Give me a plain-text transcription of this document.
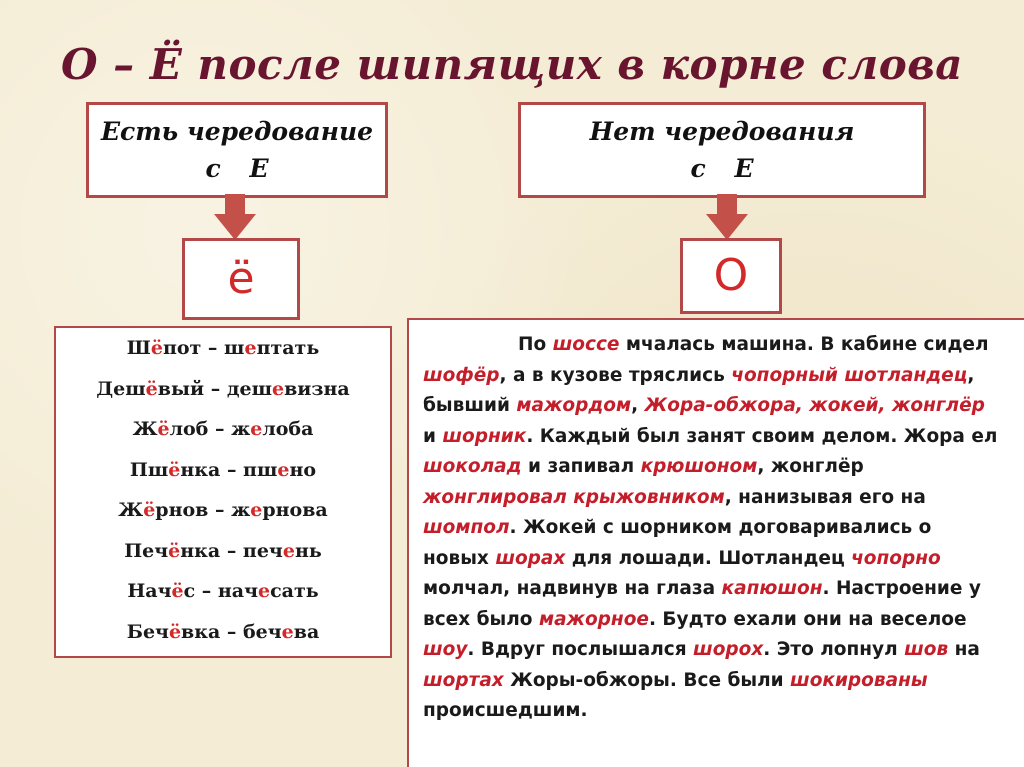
О – Ё после шипящих в корне слова
Есть чередование
с Е
Нет чередования
с Е
ё	О
Шёпот – шептать
Дешёвый – дешевизна
Жёлоб – желоба
Пшёнка – пшено
Жёрнов – жернова
Печёнка – печень
Начёс – начесать
Бечёвка – бечева
По шоссе мчалась машина. В кабине сидел
шофёр, а в кузове тряслись чопорный шотландец,
бывший мажордом, Жора-обжора, жокей, жонглёр
и шорник. Каждый был занят своим делом. Жора ел
шоколад и запивал крюшоном, жонглёр
жонглировал крыжовником, нанизывая его на
шомпол. Жокей с шорником договаривались о
новых шорах для лошади. Шотландец чопорно
молчал, надвинув на глаза капюшон. Настроение у
всех было мажорное. Будто ехали они на веселое
шоу. Вдруг послышался шорох. Это лопнул шов на
шортах Жоры-обжоры. Все были шокированы
происшедшим.
